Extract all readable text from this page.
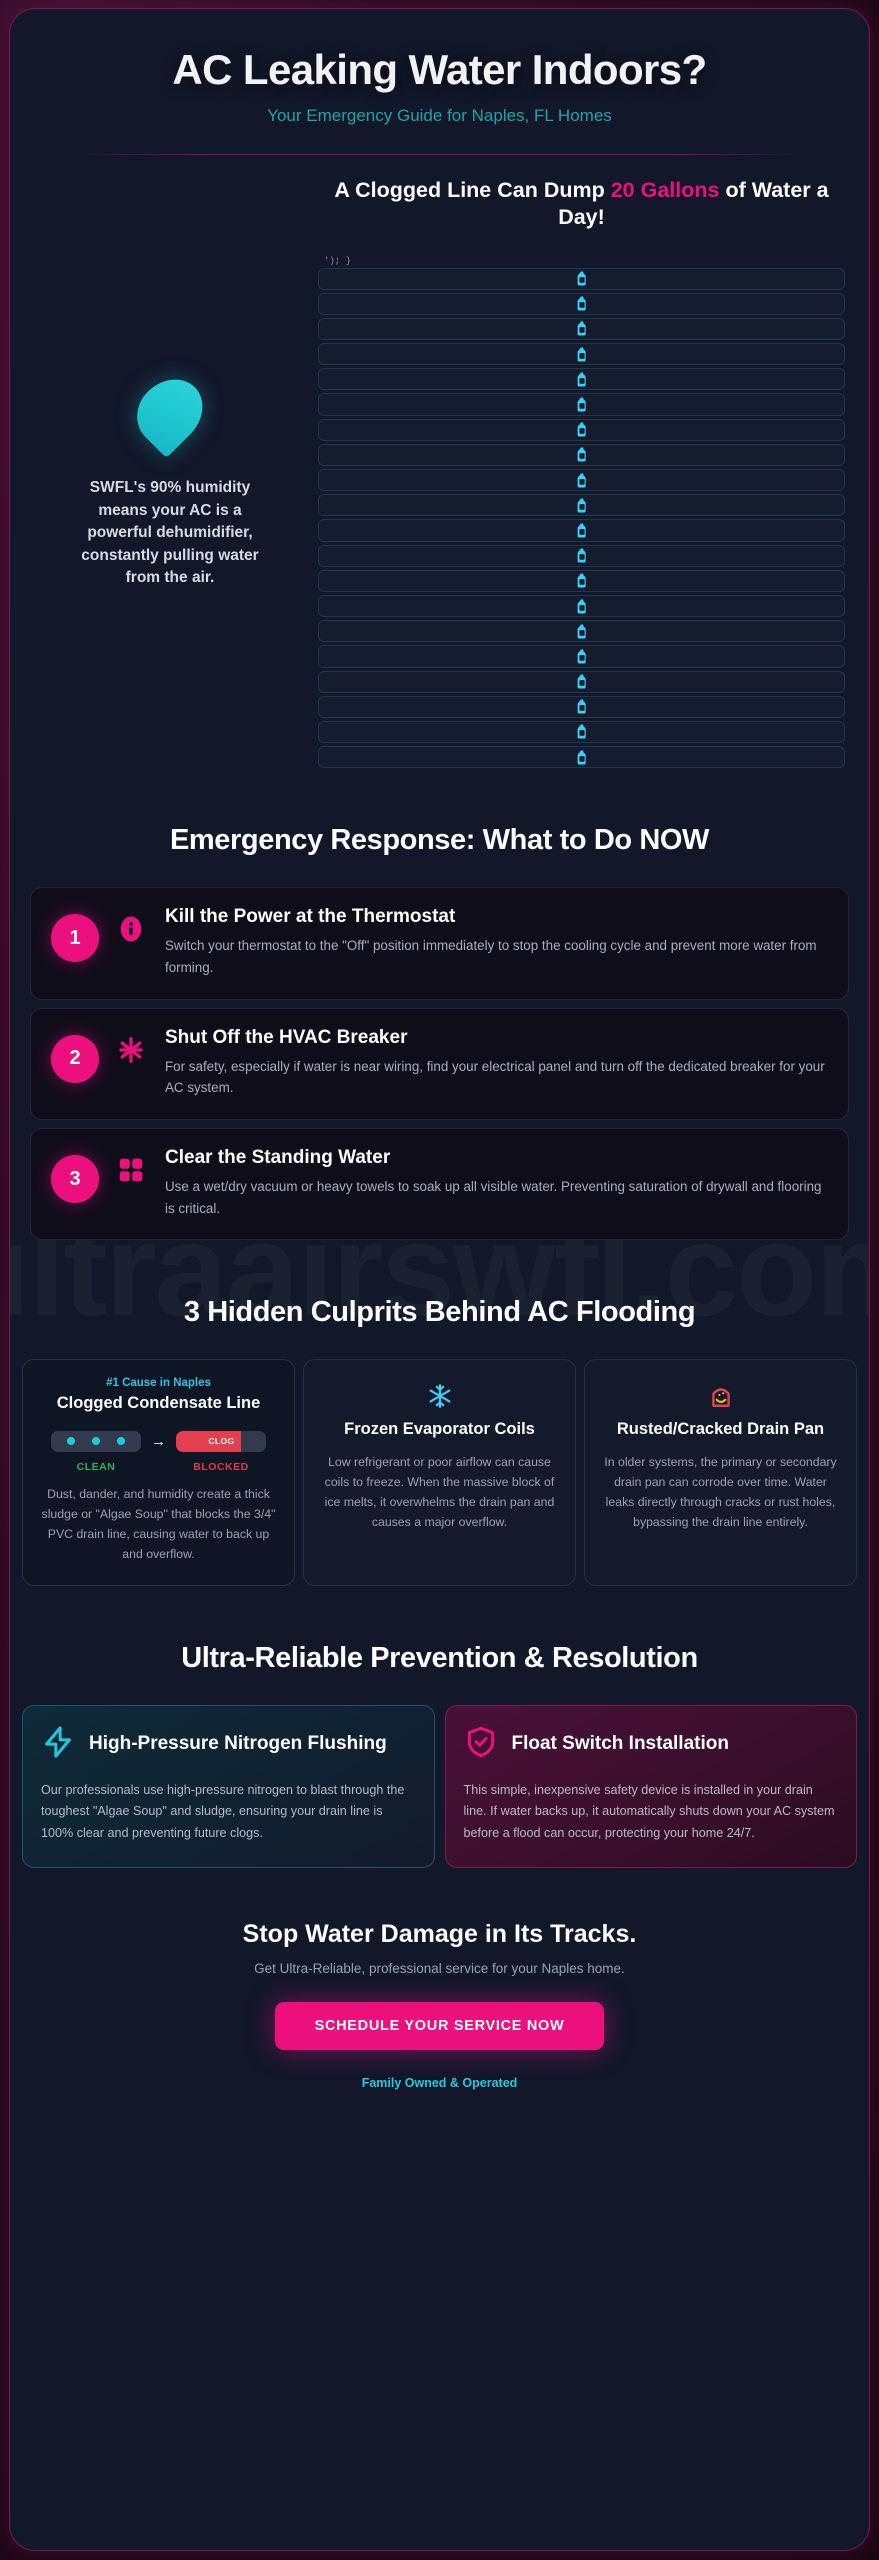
AC Leaking Water Indoors?
Your Emergency Guide for Naples, FL Homes

SWFL's 90% humidity means your AC is a powerful dehumidifier, constantly pulling water from the air.

A Clogged Line Can Dump 20 Gallons of Water a Day!
'); }
Emergency Response: What to Do NOW
1
Kill the Power at the Thermostat
Switch your thermostat to the "Off" position immediately to stop the cooling cycle and prevent more water from forming.
2
Shut Off the HVAC Breaker
For safety, especially if water is near wiring, find your electrical panel and turn off the dedicated breaker for your AC system.
3
Clear the Standing Water
Use a wet/dry vacuum or heavy towels to soak up all visible water. Preventing saturation of drywall and flooring is critical.
3 Hidden Culprits Behind AC Flooding
#1 Cause in Naples
Clogged Condensate Line
→	CLOG
CLEAN	BLOCKED

Dust, dander, and humidity create a thick sludge or "Algae Soup" that blocks the 3/4" PVC drain line, causing water to back up and overflow.

Frozen Evaporator Coils

Low refrigerant or poor airflow can cause coils to freeze. When the massive block of ice melts, it overwhelms the drain pan and causes a major overflow.

Rusted/Cracked Drain Pan

In older systems, the primary or secondary drain pan can corrode over time. Water leaks directly through cracks or rust holes, bypassing the drain line entirely.

Ultra-Reliable Prevention & Resolution
High-Pressure Nitrogen Flushing

Our professionals use high-pressure nitrogen to blast through the toughest "Algae Soup" and sludge, ensuring your drain line is 100% clear and preventing future clogs.

Float Switch Installation

This simple, inexpensive safety device is installed in your drain line. If water backs up, it automatically shuts down your AC system before a flood can occur, protecting your home 24/7.

Stop Water Damage in Its Tracks.
Get Ultra-Reliable, professional service for your Naples home.
SCHEDULE YOUR SERVICE NOW
Family Owned & Operated
